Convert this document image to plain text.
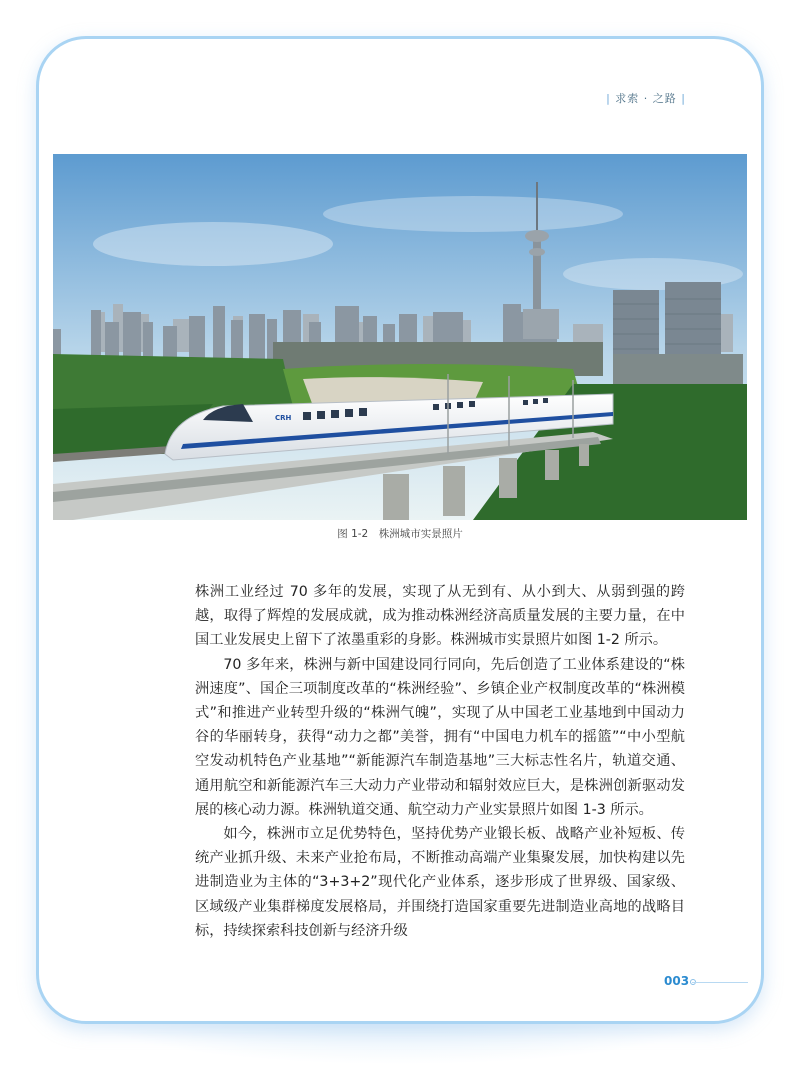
| 求索 · 之路 |
CRH
图 1-2　株洲城市实景照片

株洲工业经过 70 多年的发展，实现了从无到有、从小到大、从弱到强的跨越，取得了辉煌的发展成就，成为推动株洲经济高质量发展的主要力量，在中国工业发展史上留下了浓墨重彩的身影。株洲城市实景照片如图 1-2 所示。

70 多年来，株洲与新中国建设同行同向，先后创造了工业体系建设的“株洲速度”、国企三项制度改革的“株洲经验”、乡镇企业产权制度改革的“株洲模式”和推进产业转型升级的“株洲气魄”，实现了从中国老工业基地到中国动力谷的华丽转身，获得“动力之都”美誉，拥有“中国电力机车的摇篮”“中小型航空发动机特色产业基地”“新能源汽车制造基地”三大标志性名片，轨道交通、通用航空和新能源汽车三大动力产业带动和辐射效应巨大，是株洲创新驱动发展的核心动力源。株洲轨道交通、航空动力产业实景照片如图 1-3 所示。

如今，株洲市立足优势特色，坚持优势产业锻长板、战略产业补短板、传统产业抓升级、未来产业抢布局，不断推动高端产业集聚发展，加快构建以先进制造业为主体的“3+3+2”现代化产业体系，逐步形成了世界级、国家级、区域级产业集群梯度发展格局，并围绕打造国家重要先进制造业高地的战略目标，持续探索科技创新与经济升级

003
